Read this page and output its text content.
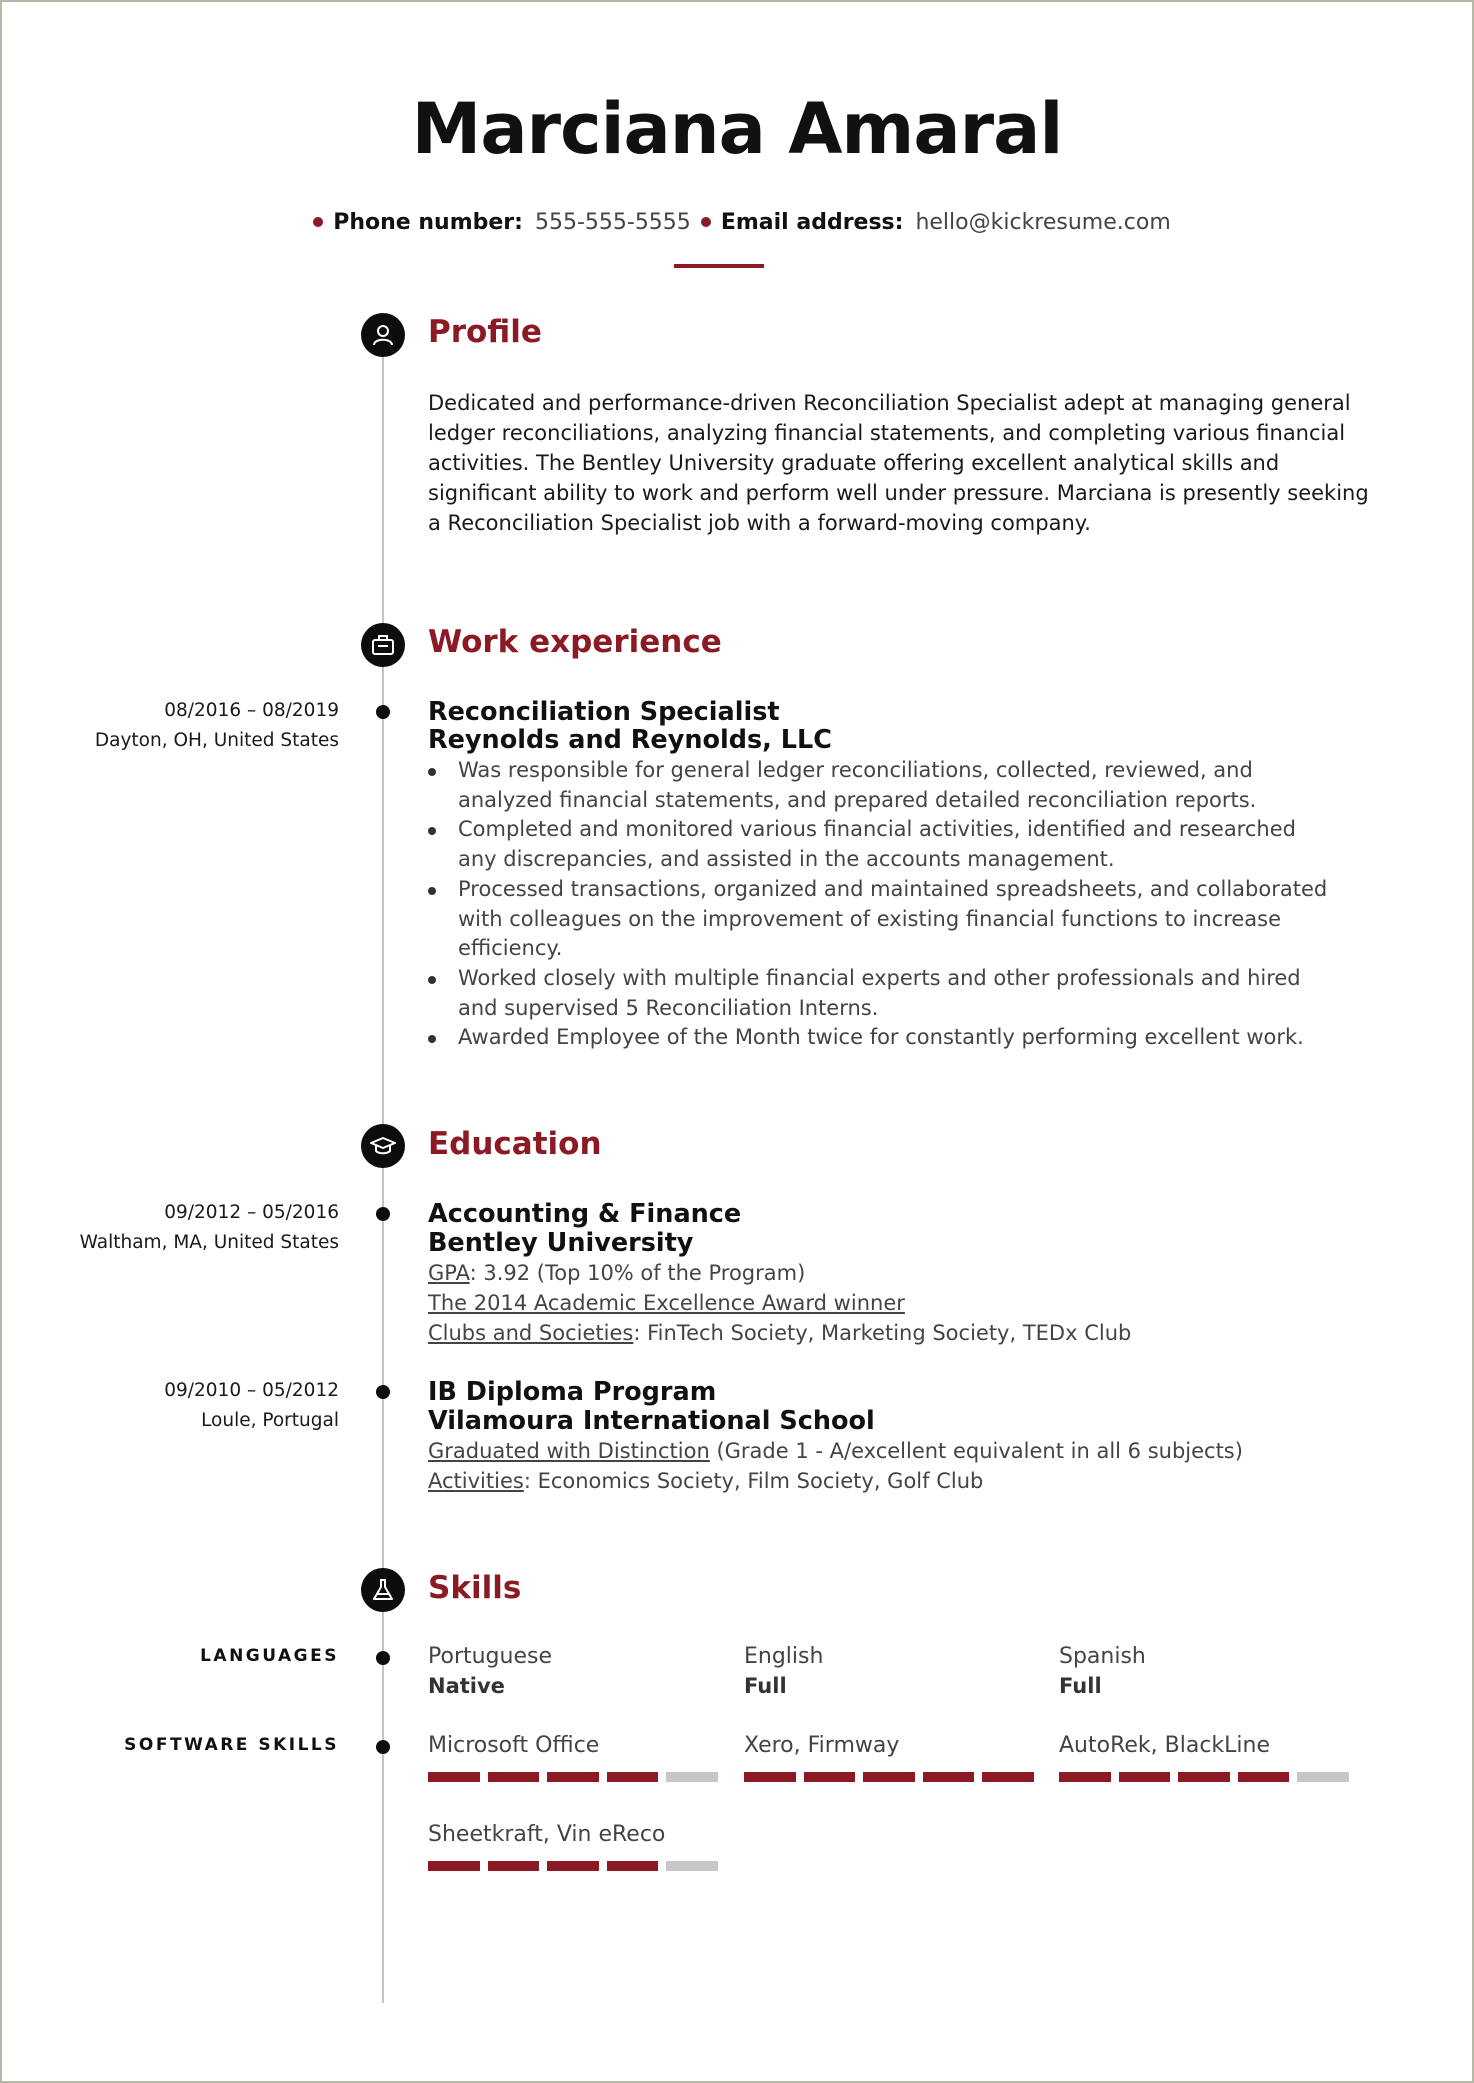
Marciana Amaral
Phone number: 555-555-5555 Email address: hello@kickresume.com
Profile
Dedicated and performance-driven Reconciliation Specialist adept at managing general ledger reconciliations, analyzing financial statements, and completing various financial activities. The Bentley University graduate offering excellent analytical skills and significant ability to work and perform well under pressure. Marciana is presently seeking a Reconciliation Specialist job with a forward-moving company.
Work experience
08/2016 – 08/2019
Dayton, OH, United States
Reconciliation Specialist
Reynolds and Reynolds, LLC
Was responsible for general ledger reconciliations, collected, reviewed, and analyzed financial statements, and prepared detailed reconciliation reports.
Completed and monitored various financial activities, identified and researched any discrepancies, and assisted in the accounts management.
Processed transactions, organized and maintained spreadsheets, and collaborated with colleagues on the improvement of existing financial functions to increase efficiency.
Worked closely with multiple financial experts and other professionals and hired and supervised 5 Reconciliation Interns.
Awarded Employee of the Month twice for constantly performing excellent work.
Education
09/2012 – 05/2016
Waltham, MA, United States
Accounting & Finance
Bentley University
GPA: 3.92 (Top 10% of the Program)
The 2014 Academic Excellence Award winner
Clubs and Societies: FinTech Society, Marketing Society, TEDx Club
09/2010 – 05/2012
Loule, Portugal
IB Diploma Program
Vilamoura International School
Graduated with Distinction (Grade 1 - A/excellent equivalent in all 6 subjects)
Activities: Economics Society, Film Society, Golf Club
Skills
LANGUAGES	Portuguese
Native
English
Full
Spanish
Full
SOFTWARE SKILLS	Microsoft Office	Xero, Firmway	AutoRek, BlackLine
Sheetkraft, Vin eReco
